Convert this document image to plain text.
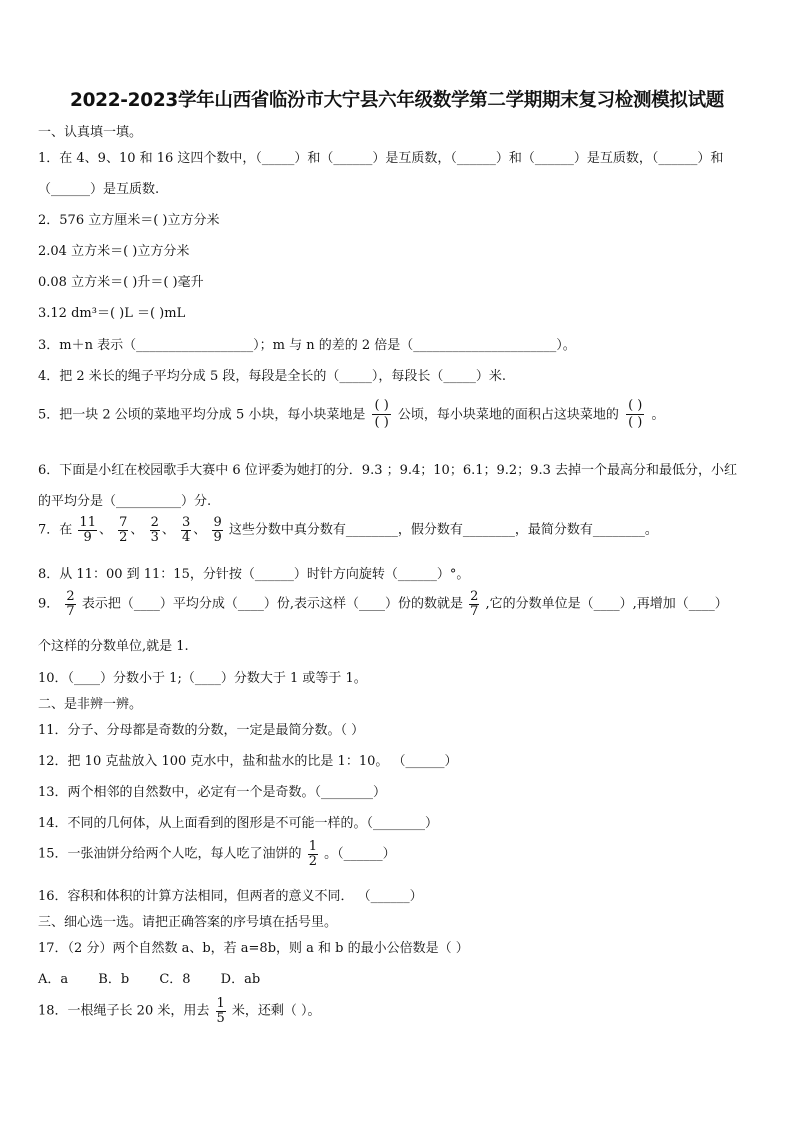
2022-2023学年山西省临汾市大宁县六年级数学第二学期期末复习检测模拟试题
一、认真填一填。
1．在 4、9、10 和 16 这四个数中，（_____）和（______）是互质数，（______）和（______）是互质数，（______）和
（______）是互质数.
2．576 立方厘米＝( )立方分米
2.04 立方米＝( )立方分米
0.08 立方米＝( )升＝( )毫升
3.12 dm³＝( )L ＝( )mL
3．m＋n 表示（__________________）；m 与 n 的差的 2 倍是（______________________）。
4．把 2 米长的绳子平均分成 5 段，每段是全长的（_____），每段长（_____）米.
5．把一块 2 公顷的菜地平均分成 5 小块，每小块菜地是
( )
( )
公顷，每小块菜地的面积占这块菜地的
( )
( )
。
6．下面是小红在校园歌手大赛中 6 位评委为她打的分．9.3 ；9.4；10；6.1；9.2；9.3 去掉一个最高分和最低分，小红
的平均分是（__________）分.
7．在 $\frac{11}{9}$ 、 $\frac{7}{2}$ 、 $\frac{2}{3}$ 、 $\frac{3}{4}$ 、 $\frac{9}{9}$ 这些分数中真分数有________，假分数有________，最简分数有________。
8．从 11：00 到 11：15，分针按（______）时针方向旋转（______）°。
9． $\frac{2}{7}$ 表示把（____）平均分成（____）份,表示这样（____）份的数就是 $\frac{2}{7}$ ,它的分数单位是（____）,再增加（____）
个这样的分数单位,就是 1.
10．（____）分数小于 1;（____）分数大于 1 或等于 1。
二、是非辨一辨。
11．分子、分母都是奇数的分数，一定是最简分数。（ ）
12．把 10 克盐放入 100 克水中，盐和盐水的比是 1：10。 （______）
13．两个相邻的自然数中，必定有一个是奇数。（________）
14．不同的几何体，从上面看到的图形是不可能一样的。（________）
15．一张油饼分给两个人吃，每人吃了油饼的 $\frac{1}{2}$ 。（______）
16．容积和体积的计算方法相同，但两者的意义不同． （______）
三、细心选一选。请把正确答案的序号填在括号里。
17．（2 分）两个自然数 a、b，若 a=8b，则 a 和 b 的最小公倍数是（ ）
A．a B．b C．8 D．ab
18．一根绳子长 20 米，用去 $\frac{1}{5}$ 米，还剩（ ）。
